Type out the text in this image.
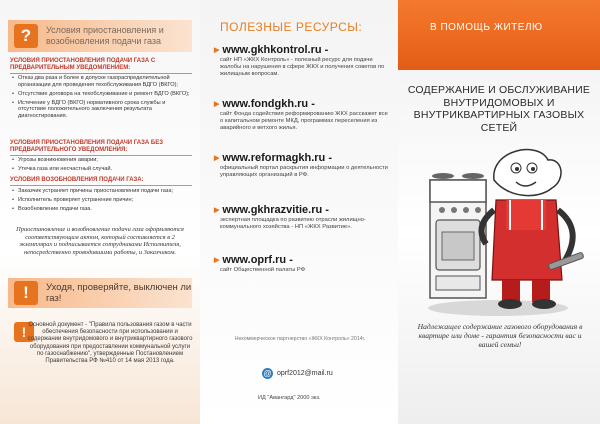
?	Условия приостановления и возобновления подачи газа
УСЛОВИЯ ПРИОСТАНОВЛЕНИЯ ПОДАЧИ ГАЗА С ПРЕДВАРИТЕЛЬНЫМ УВЕДОМЛЕНИЕМ:
• Отказ два раза и более в допуске газораспределительной организации для проведения техобслуживания ВДГО (ВКГО);
• Отсутствие договора на техобслуживание и ремонт ВДГО (ВКГО);
• Истечение у ВДГО (ВКГО) нормативного срока службы и отсутствие положительного заключения результата диагностирования.
УСЛОВИЯ ПРИОСТАНОВЛЕНИЯ ПОДАЧИ ГАЗА БЕЗ ПРЕДВАРИТЕЛЬНОГО УВЕДОМЛЕНИЯ:
• Угрозы возникновения аварии;
• Утечка газа или несчастный случай.
УСЛОВИЯ ВОЗОБНОВЛЕНИЯ ПОДАЧИ ГАЗА:
• Заказчик устраняет причины приостановления подачи газа;
• Исполнитель проверяет устранение причин;
• Возобновление подачи газа.
Приостановление и возобновление подачи газа оформляются соответствующим актом, который составляется в 2 экземплярах и подписывается сотрудниками Исполнителя, непосредственно проводившими работы, и Заказчиком.
!	Уходя, проверяйте, выключен ли газ!
! Основной документ - "Правила пользования газом в части обеспечения безопасности при использовании и содержании внутридомового и внутриквартирного газового оборудования при предоставлении коммунальной услуги по газоснабжению", утвержденные Постановлением Правительства РФ №410 от 14 мая 2013 года.
ПОЛЕЗНЫЕ РЕСУРСЫ:
▶ www.gkhkontrol.ru -
сайт НП «ЖКХ Контроль» - полезный ресурс для подачи жалобы на нарушения в сфере ЖКХ и получения советов по жилищным вопросам.
▶ www.fondgkh.ru -
сайт Фонда содействия реформированию ЖКХ расскажет все о капитальном ремонте МКД, программах переселения из аварийного и ветхого жилья.
▶ www.reformagkh.ru -
официальный портал раскрытия информации о деятельности управляющих организаций в РФ.
▶ www.gkhrazvitie.ru -
экспертная площадка по развитию отрасли жилищно-коммунального хозяйства - НП «ЖКХ Развитие».
▶ www.oprf.ru -
сайт Общественной палаты РФ
Некоммерческое партнерство «ЖКХ Контроль» 2014г.
@ oprf2012@mail.ru
ИД "Авангард" 2000 экз.
В ПОМОЩЬ ЖИТЕЛЮ
СОДЕРЖАНИЕ И ОБСЛУЖИВАНИЕ ВНУТРИДОМОВЫХ И ВНУТРИКВАРТИРНЫХ ГАЗОВЫХ СЕТЕЙ
Надлежащее содержание газового оборудования в квартире или доме - гарантия безопасности вас и вашей семьи!
